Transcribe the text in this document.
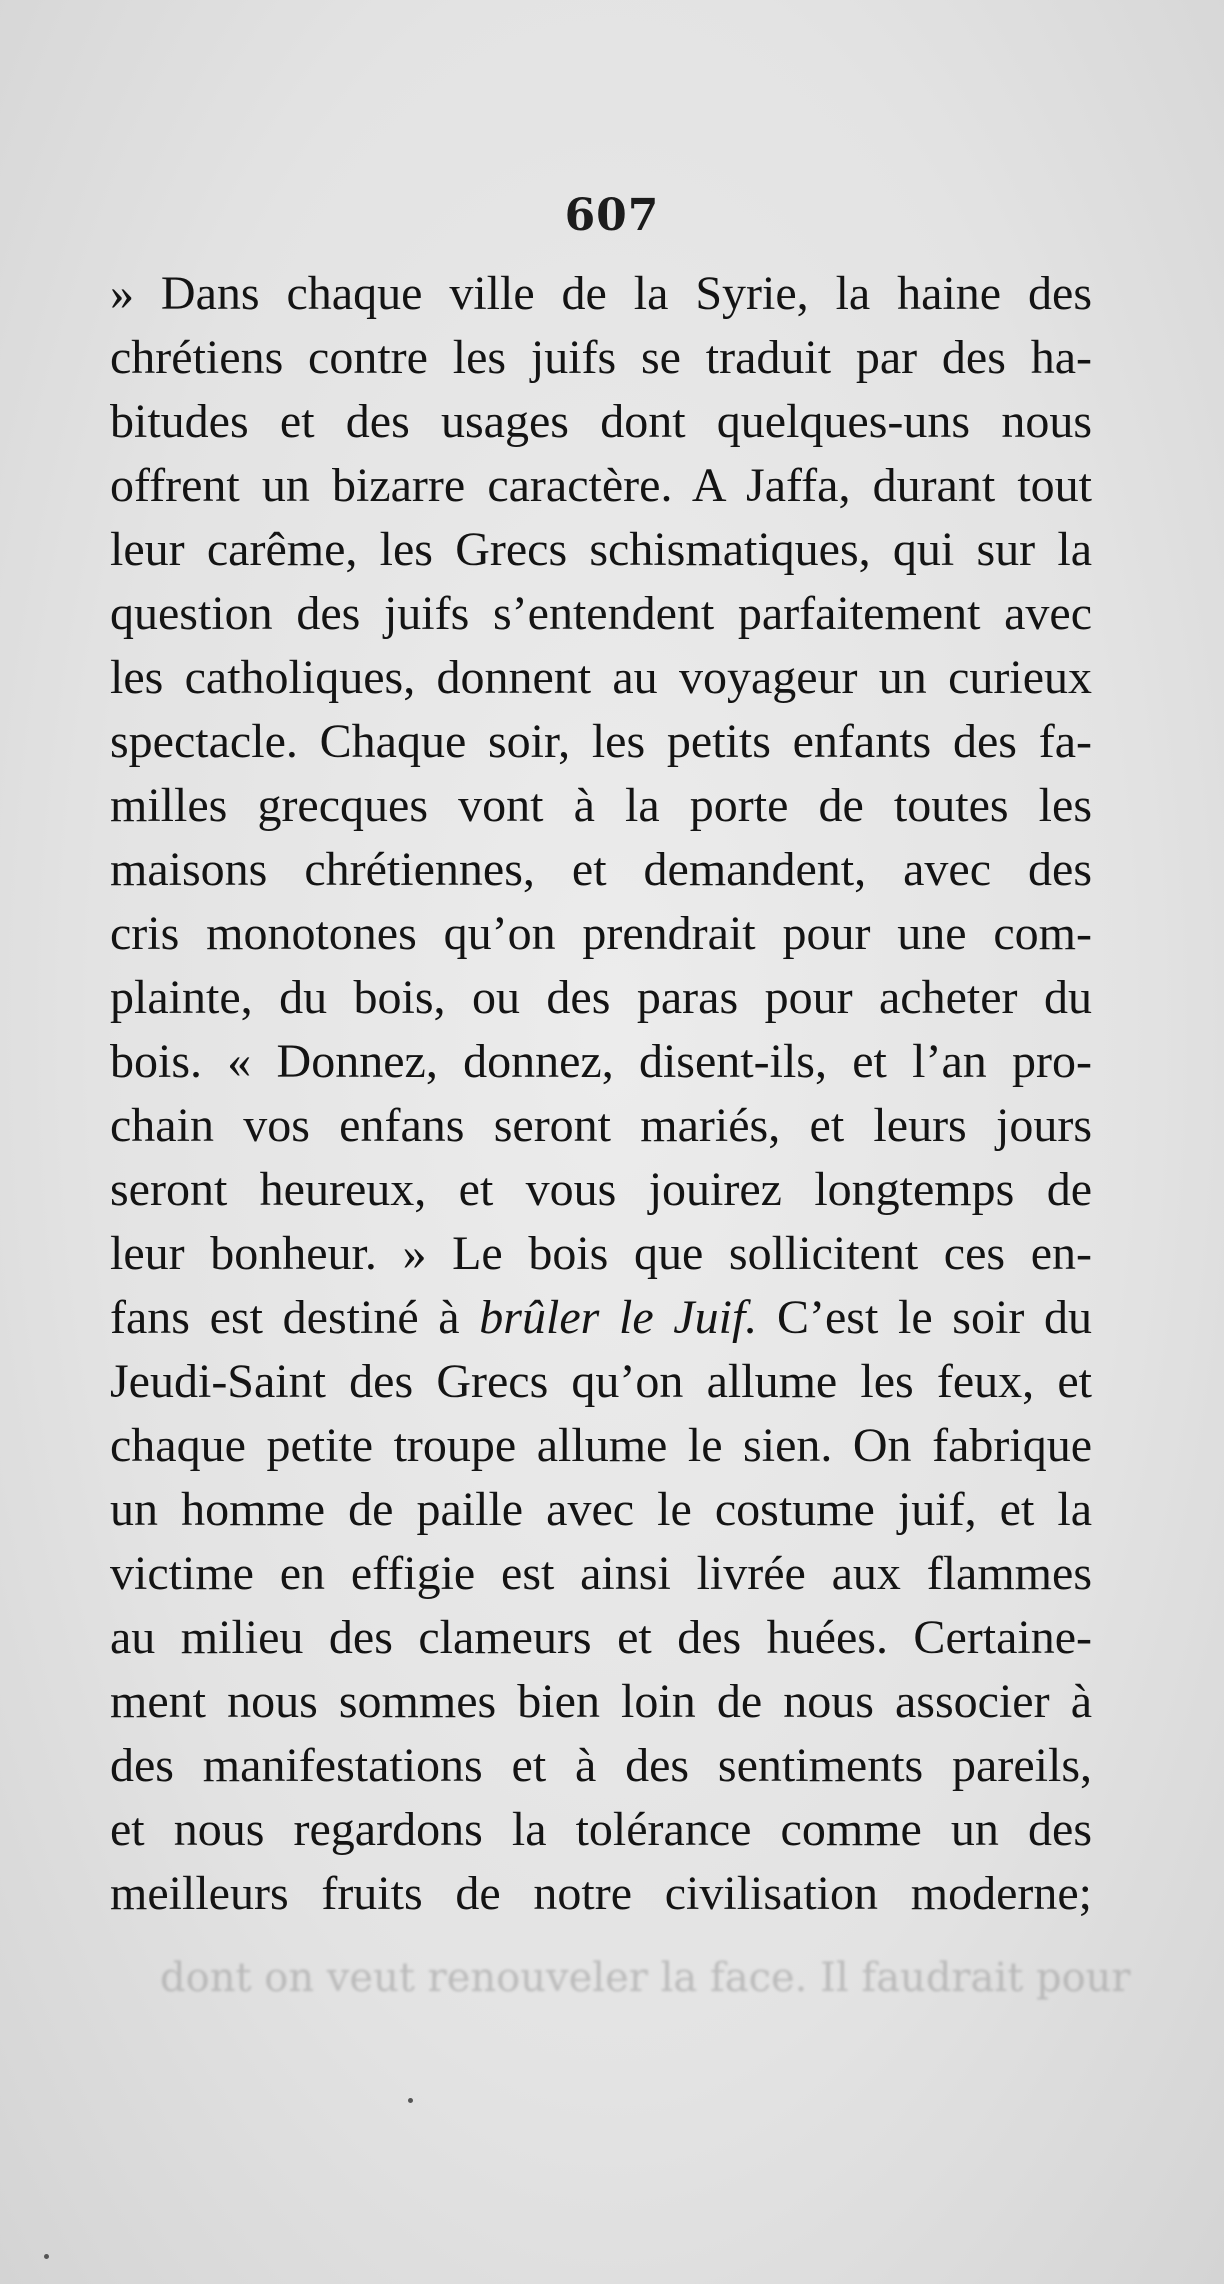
dont on veut renouveler la face. Il faudrait pour
607
» Dans chaque ville de la Syrie, la haine des
chrétiens contre les juifs se traduit par des ha-
bitudes et des usages dont quelques-uns nous
offrent un bizarre caractère. A Jaffa, durant tout
leur carême, les Grecs schismatiques, qui sur la
question des juifs s’entendent parfaitement avec
les catholiques, donnent au voyageur un curieux
spectacle. Chaque soir, les petits enfants des fa-
milles grecques vont à la porte de toutes les
maisons chrétiennes, et demandent, avec des
cris monotones qu’on prendrait pour une com-
plainte, du bois, ou des paras pour acheter du
bois. « Donnez, donnez, disent-ils, et l’an pro-
chain vos enfans seront mariés, et leurs jours
seront heureux, et vous jouirez longtemps de
leur bonheur. » Le bois que sollicitent ces en-
fans est destiné à brûler le Juif. C’est le soir du
Jeudi-Saint des Grecs qu’on allume les feux, et
chaque petite troupe allume le sien. On fabrique
un homme de paille avec le costume juif, et la
victime en effigie est ainsi livrée aux flammes
au milieu des clameurs et des huées. Certaine-
ment nous sommes bien loin de nous associer à
des manifestations et à des sentiments pareils,
et nous regardons la tolérance comme un des
meilleurs fruits de notre civilisation moderne;
